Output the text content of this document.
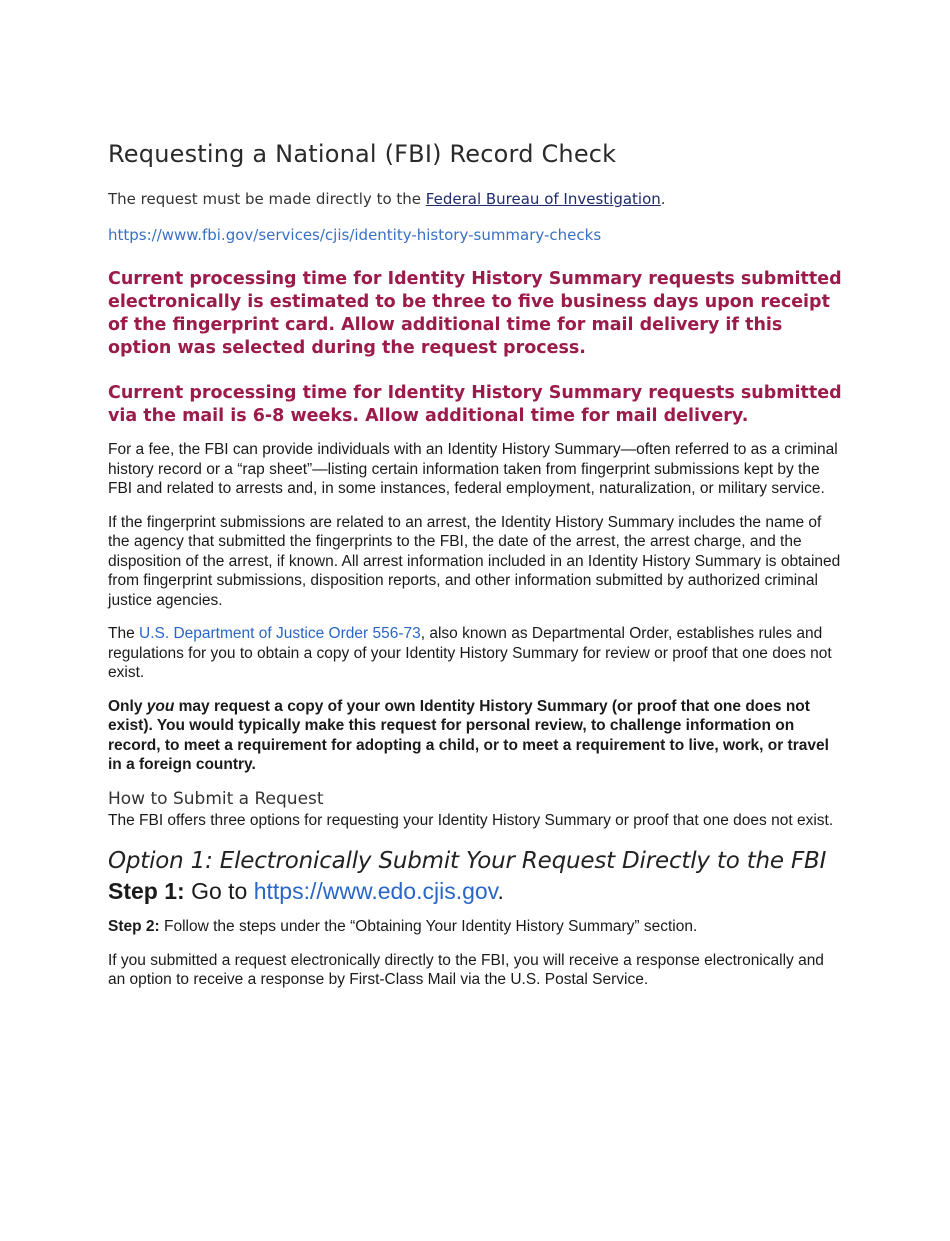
Requesting a National (FBI) Record Check

The request must be made directly to the Federal Bureau of Investigation.

https://www.fbi.gov/services/cjis/identity-history-summary-checks

Current processing time for Identity History Summary requests submitted electronically is estimated to be three to five business days upon receipt of the fingerprint card. Allow additional time for mail delivery if this option was selected during the request process.

Current processing time for Identity History Summary requests submitted via the mail is 6-8 weeks. Allow additional time for mail delivery.

For a fee, the FBI can provide individuals with an Identity History Summary—often referred to as a criminal history record or a “rap sheet”—listing certain information taken from fingerprint submissions kept by the FBI and related to arrests and, in some instances, federal employment, naturalization, or military service.

If the fingerprint submissions are related to an arrest, the Identity History Summary includes the name of the agency that submitted the fingerprints to the FBI, the date of the arrest, the arrest charge, and the disposition of the arrest, if known. All arrest information included in an Identity History Summary is obtained from fingerprint submissions, disposition reports, and other information submitted by authorized criminal justice agencies.

The U.S. Department of Justice Order 556-73, also known as Departmental Order, establishes rules and regulations for you to obtain a copy of your Identity History Summary for review or proof that one does not exist.

Only you may request a copy of your own Identity History Summary (or proof that one does not exist). You would typically make this request for personal review, to challenge information on record, to meet a requirement for adopting a child, or to meet a requirement to live, work, or travel in a foreign country.

How to Submit a Request

The FBI offers three options for requesting your Identity History Summary or proof that one does not exist.

Option 1: Electronically Submit Your Request Directly to the FBI

Step 1: Go to https://www.edo.cjis.gov.

Step 2: Follow the steps under the “Obtaining Your Identity History Summary” section.

If you submitted a request electronically directly to the FBI, you will receive a response electronically and an option to receive a response by First-Class Mail via the U.S. Postal Service.
